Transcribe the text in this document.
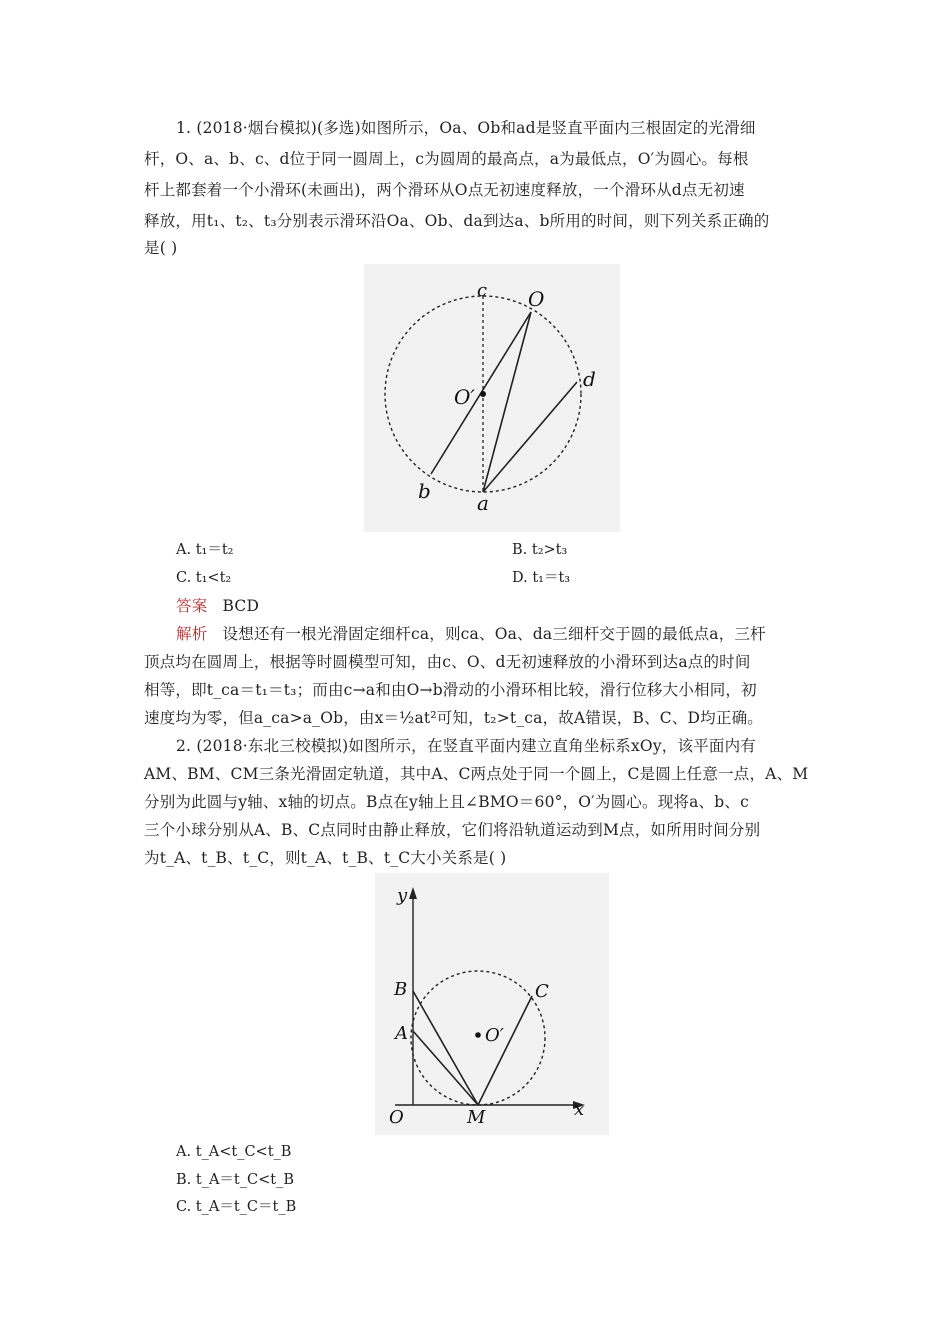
1. (2018·烟台模拟)(多选)如图所示，Oa、Ob和ad是竖直平面内三根固定的光滑细
杆，O、a、b、c、d位于同一圆周上，c为圆周的最高点，a为最低点，O′为圆心。每根
杆上都套着一个小滑环(未画出)，两个滑环从O点无初速度释放，一个滑环从d点无初速
释放，用t₁、t₂、t₃分别表示滑环沿Oa、Ob、da到达a、b所用的时间，则下列关系正确的
是( )
c O
d
O′
b a
A. t₁＝t₂	B. t₂>t₃
C. t₁<t₂	D. t₁＝t₃
答案 BCD
解析 设想还有一根光滑固定细杆ca，则ca、Oa、da三细杆交于圆的最低点a，三杆
顶点均在圆周上，根据等时圆模型可知，由c、O、d无初速释放的小滑环到达a点的时间
相等，即t_ca＝t₁＝t₃；而由c→a和由O→b滑动的小滑环相比较，滑行位移大小相同，初
速度均为零，但a_ca>a_Ob，由x＝½at²可知，t₂>t_ca，故A错误，B、C、D均正确。
2. (2018·东北三校模拟)如图所示，在竖直平面内建立直角坐标系xOy，该平面内有
AM、BM、CM三条光滑固定轨道，其中A、C两点处于同一个圆上，C是圆上任意一点，A、M
分别为此圆与y轴、x轴的切点。B点在y轴上且∠BMO＝60°，O′为圆心。现将a、b、c
三个小球分别从A、B、C点同时由静止释放，它们将沿轨道运动到M点，如所用时间分别
为t_A、t_B、t_C，则t_A、t_B、t_C大小关系是( )
y
x
O	M
A
B	C
O′
A. t_A<t_C<t_B
B. t_A＝t_C<t_B
C. t_A＝t_C＝t_B
